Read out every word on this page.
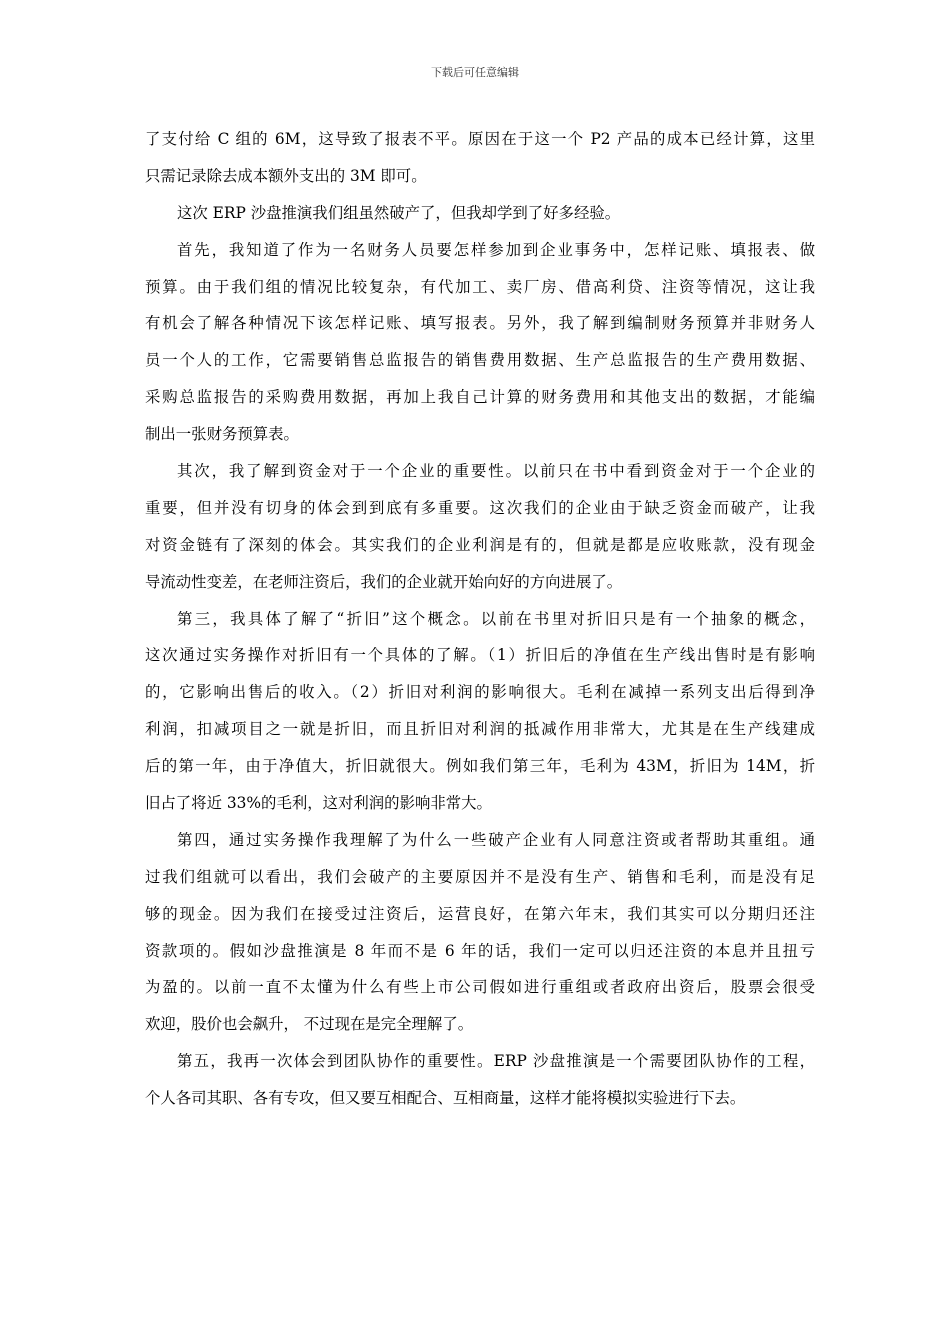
下载后可任意编辑
了支付给 C 组的 6M，这导致了报表不平。原因在于这一个 P2 产品的成本已经计算，这里
只需记录除去成本额外支出的 3M 即可。
这次 ERP 沙盘推演我们组虽然破产了，但我却学到了好多经验。
首先，我知道了作为一名财务人员要怎样参加到企业事务中，怎样记账、填报表、做
预算。由于我们组的情况比较复杂，有代加工、卖厂房、借高利贷、注资等情况，这让我
有机会了解各种情况下该怎样记账、填写报表。另外，我了解到编制财务预算并非财务人
员一个人的工作，它需要销售总监报告的销售费用数据、生产总监报告的生产费用数据、
采购总监报告的采购费用数据，再加上我自己计算的财务费用和其他支出的数据，才能编
制出一张财务预算表。
其次，我了解到资金对于一个企业的重要性。以前只在书中看到资金对于一个企业的
重要，但并没有切身的体会到到底有多重要。这次我们的企业由于缺乏资金而破产，让我
对资金链有了深刻的体会。其实我们的企业利润是有的，但就是都是应收账款，没有现金
导流动性变差，在老师注资后，我们的企业就开始向好的方向进展了。
第三，我具体了解了“折旧”这个概念。以前在书里对折旧只是有一个抽象的概念，
这次通过实务操作对折旧有一个具体的了解。（1）折旧后的净值在生产线出售时是有影响
的，它影响出售后的收入。（2）折旧对利润的影响很大。毛利在减掉一系列支出后得到净
利润，扣减项目之一就是折旧，而且折旧对利润的抵减作用非常大，尤其是在生产线建成
后的第一年，由于净值大，折旧就很大。例如我们第三年，毛利为 43M，折旧为 14M，折
旧占了将近 33%的毛利，这对利润的影响非常大。
第四，通过实务操作我理解了为什么一些破产企业有人同意注资或者帮助其重组。通
过我们组就可以看出，我们会破产的主要原因并不是没有生产、销售和毛利，而是没有足
够的现金。因为我们在接受过注资后，运营良好，在第六年末，我们其实可以分期归还注
资款项的。假如沙盘推演是 8 年而不是 6 年的话，我们一定可以归还注资的本息并且扭亏
为盈的。以前一直不太懂为什么有些上市公司假如进行重组或者政府出资后，股票会很受
欢迎，股价也会飙升， 不过现在是完全理解了。
第五，我再一次体会到团队协作的重要性。ERP 沙盘推演是一个需要团队协作的工程，
个人各司其职、各有专攻，但又要互相配合、互相商量，这样才能将模拟实验进行下去。
